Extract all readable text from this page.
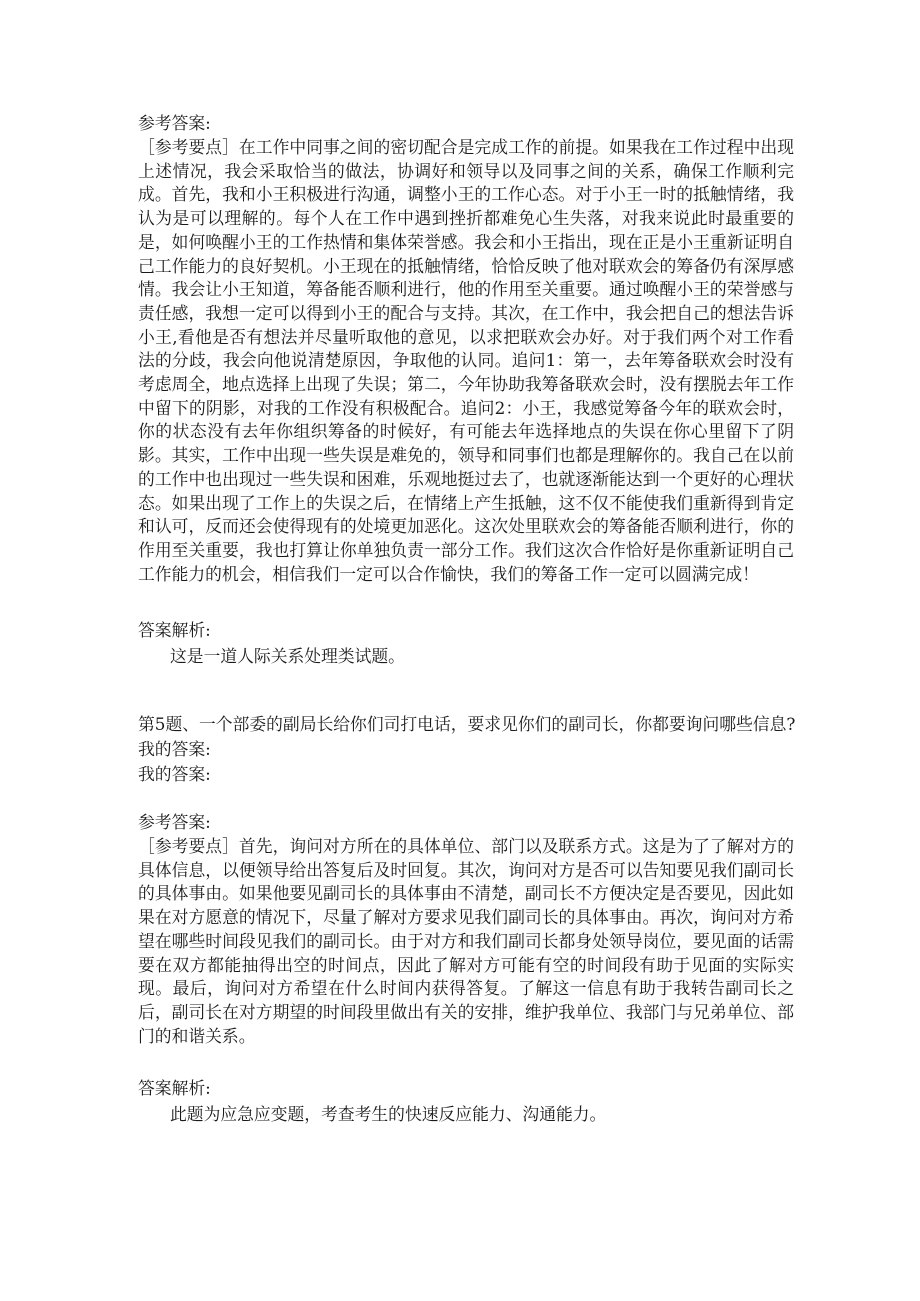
参考答案:

［参考要点］在工作中同事之间的密切配合是完成工作的前提。如果我在工作过程中出现上述情况，我会采取恰当的做法，协调好和领导以及同事之间的关系，确保工作顺利完成。首先，我和小王积极进行沟通，调整小王的工作心态。对于小王一时的抵触情绪，我认为是可以理解的。每个人在工作中遇到挫折都难免心生失落，对我来说此时最重要的是，如何唤醒小王的工作热情和集体荣誉感。我会和小王指出，现在正是小王重新证明自己工作能力的良好契机。小王现在的抵触情绪，恰恰反映了他对联欢会的筹备仍有深厚感情。我会让小王知道，筹备能否顺利进行，他的作用至关重要。通过唤醒小王的荣誉感与责任感，我想一定可以得到小王的配合与支持。其次，在工作中，我会把自己的想法告诉小王,看他是否有想法并尽量听取他的意见，以求把联欢会办好。对于我们两个对工作看法的分歧，我会向他说清楚原因，争取他的认同。追问1：第一，去年筹备联欢会时没有考虑周全，地点选择上出现了失误；第二，今年协助我筹备联欢会时，没有摆脱去年工作中留下的阴影，对我的工作没有积极配合。追问2：小王，我感觉筹备今年的联欢会时，你的状态没有去年你组织筹备的时候好，有可能去年选择地点的失误在你心里留下了阴影。其实，工作中出现一些失误是难免的，领导和同事们也都是理解你的。我自己在以前的工作中也出现过一些失误和困难，乐观地挺过去了，也就逐渐能达到一个更好的心理状态。如果出现了工作上的失误之后，在情绪上产生抵触，这不仅不能使我们重新得到肯定和认可，反而还会使得现有的处境更加恶化。这次处里联欢会的筹备能否顺利进行，你的作用至关重要，我也打算让你单独负责一部分工作。我们这次合作恰好是你重新证明自己工作能力的机会，相信我们一定可以合作愉快，我们的筹备工作一定可以圆满完成！

答案解析:

这是一道人际关系处理类试题。

第5题、一个部委的副局长给你们司打电话，要求见你们的副司长，你都要询问哪些信息?

我的答案:

我的答案:

参考答案:

［参考要点］首先，询问对方所在的具体单位、部门以及联系方式。这是为了了解对方的具体信息，以便领导给出答复后及时回复。其次，询问对方是否可以告知要见我们副司长的具体事由。如果他要见副司长的具体事由不清楚，副司长不方便决定是否要见，因此如果在对方愿意的情况下，尽量了解对方要求见我们副司长的具体事由。再次，询问对方希望在哪些时间段见我们的副司长。由于对方和我们副司长都身处领导岗位，要见面的话需要在双方都能抽得出空的时间点，因此了解对方可能有空的时间段有助于见面的实际实现。最后，询问对方希望在什么时间内获得答复。了解这一信息有助于我转告副司长之后，副司长在对方期望的时间段里做出有关的安排，维护我单位、我部门与兄弟单位、部门的和谐关系。

答案解析:

此题为应急应变题，考查考生的快速反应能力、沟通能力。
